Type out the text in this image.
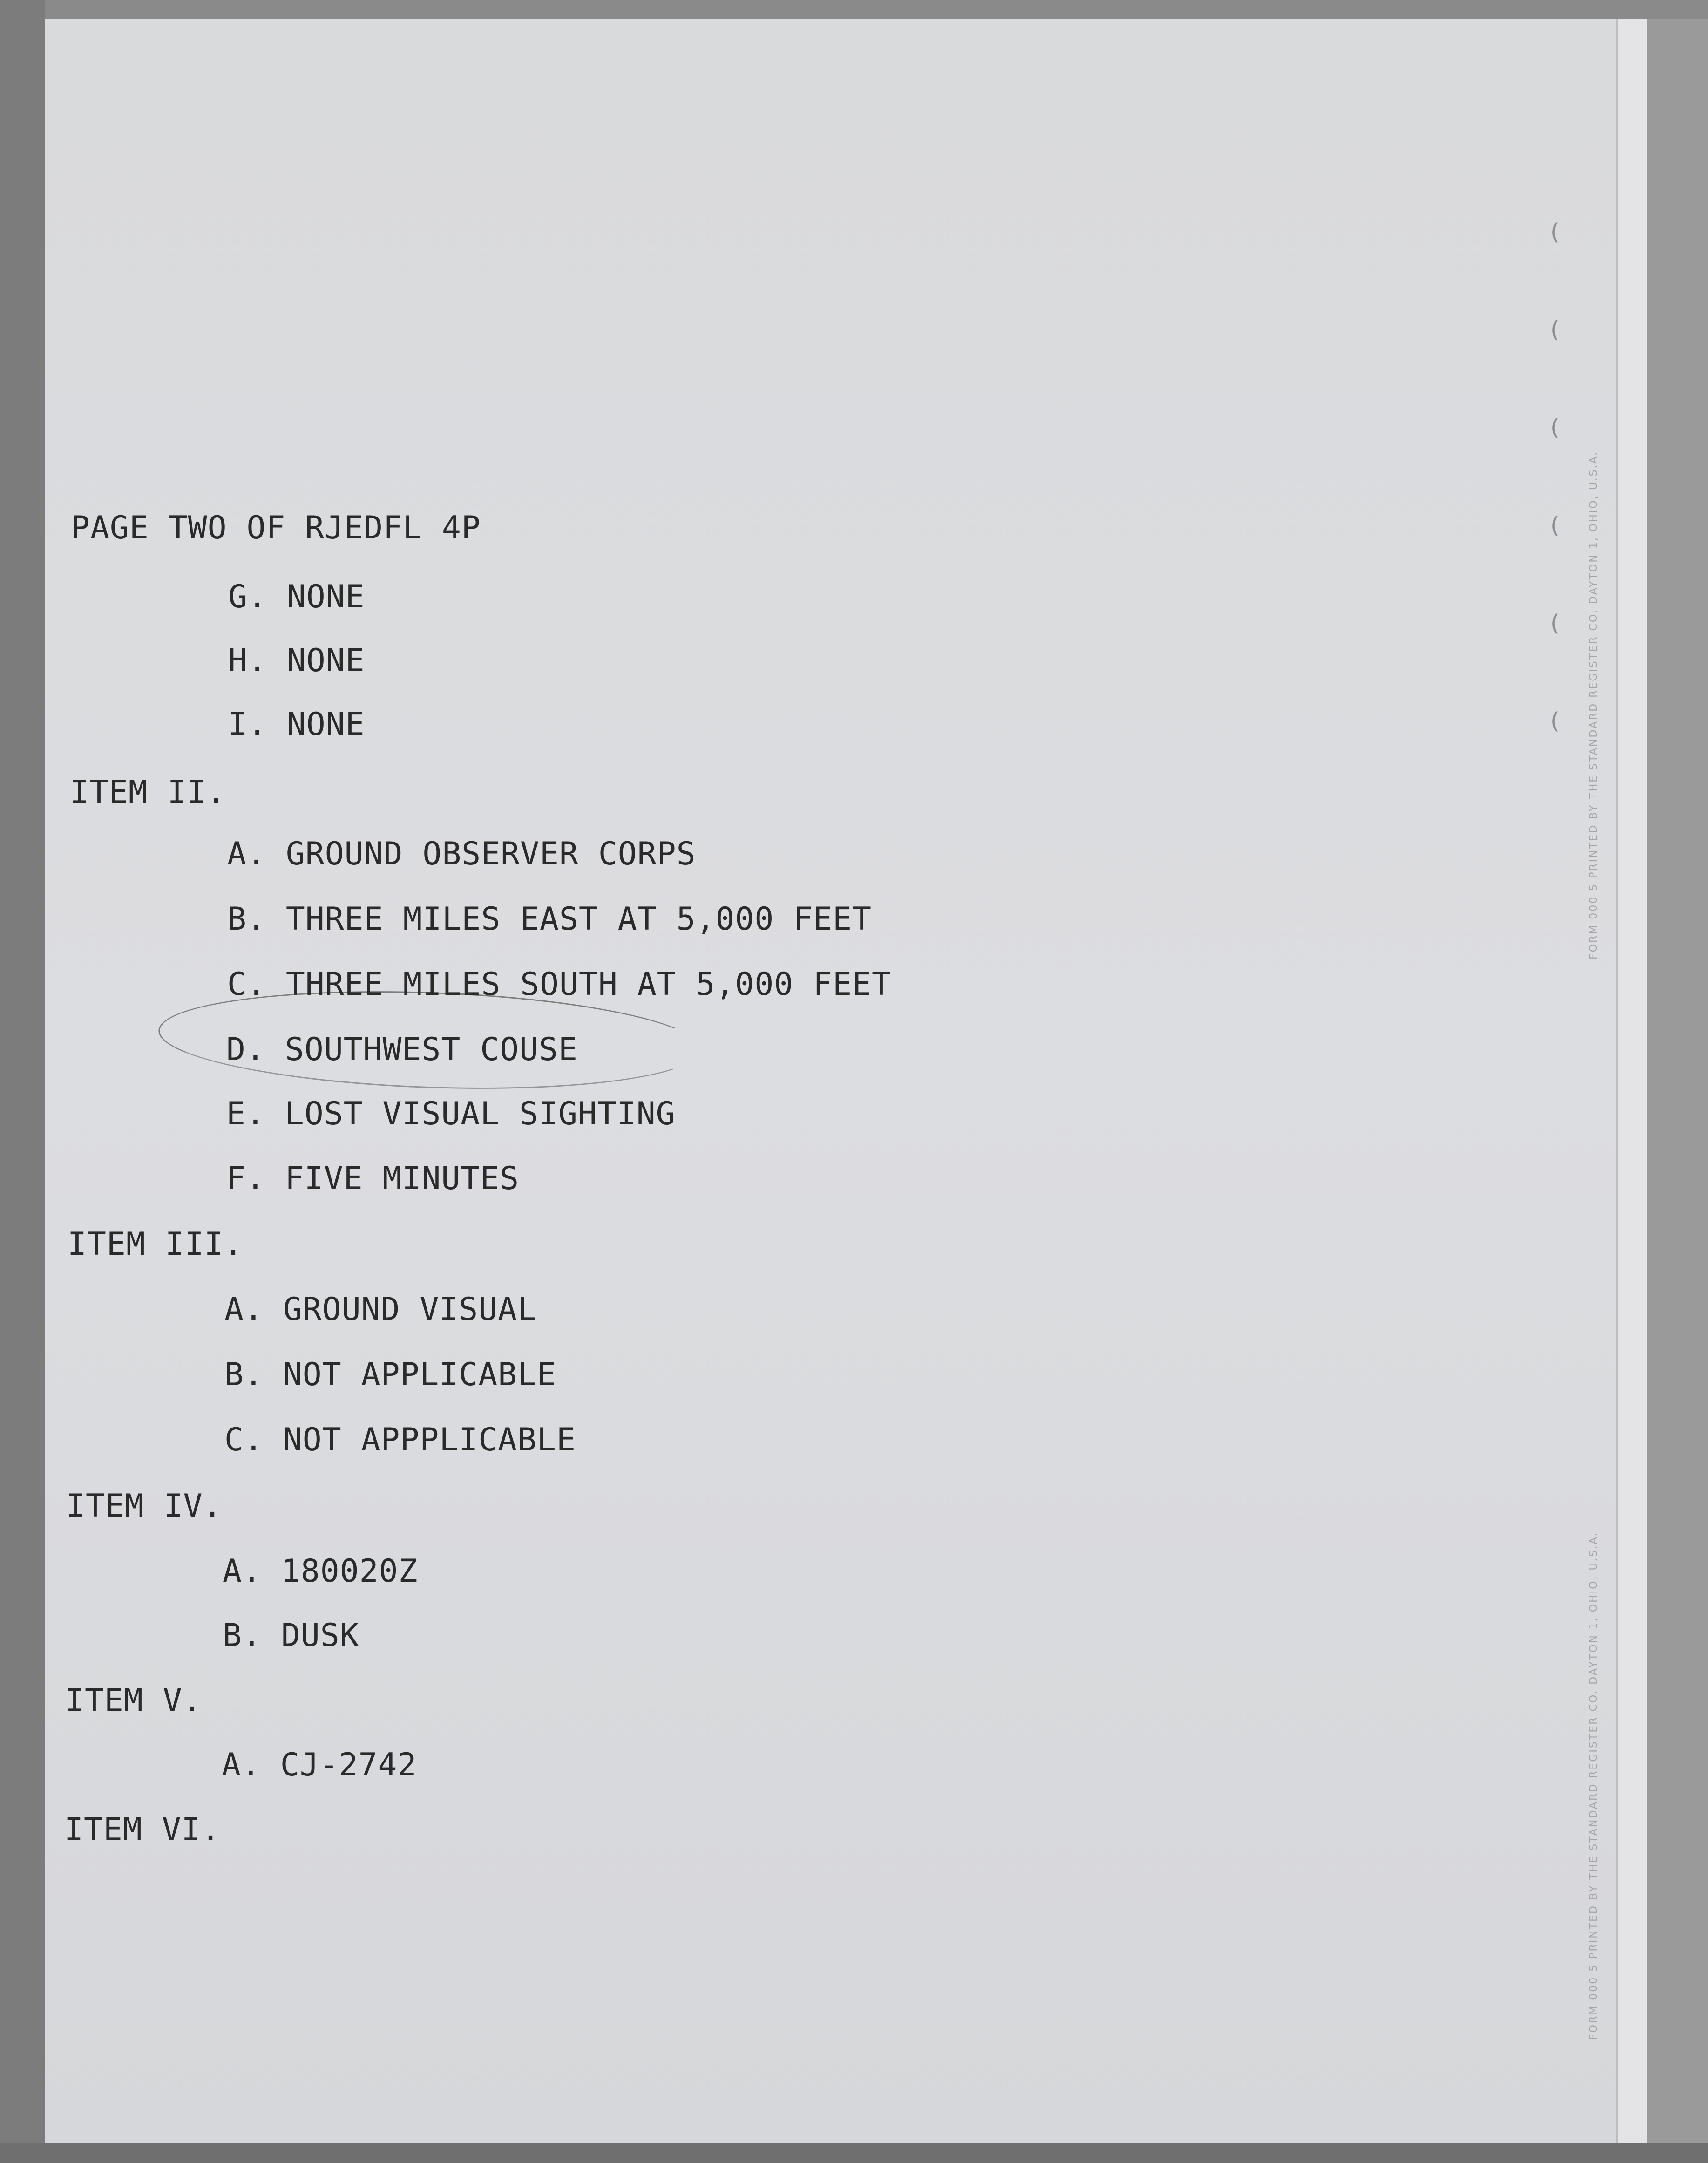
(
(
(
(
(
(	FORM 000 5 PRINTED BY THE STANDARD REGISTER CO. DAYTON 1, OHIO, U.S.A.
FORM 000 5 PRINTED BY THE STANDARD REGISTER CO. DAYTON 1, OHIO, U.S.A.
PAGE TWO OF RJEDFL 4P
G. NONE
H. NONE
I. NONE
ITEM II.
A. GROUND OBSERVER CORPS
B. THREE MILES EAST AT 5,000 FEET
C. THREE MILES SOUTH AT 5,000 FEET
D. SOUTHWEST COUSE
E. LOST VISUAL SIGHTING
F. FIVE MINUTES
ITEM III.
A. GROUND VISUAL
B. NOT APPLICABLE
C. NOT APPPLICABLE
ITEM IV.
A. 180020Z
B. DUSK
ITEM V.
A. CJ-2742
ITEM VI.
